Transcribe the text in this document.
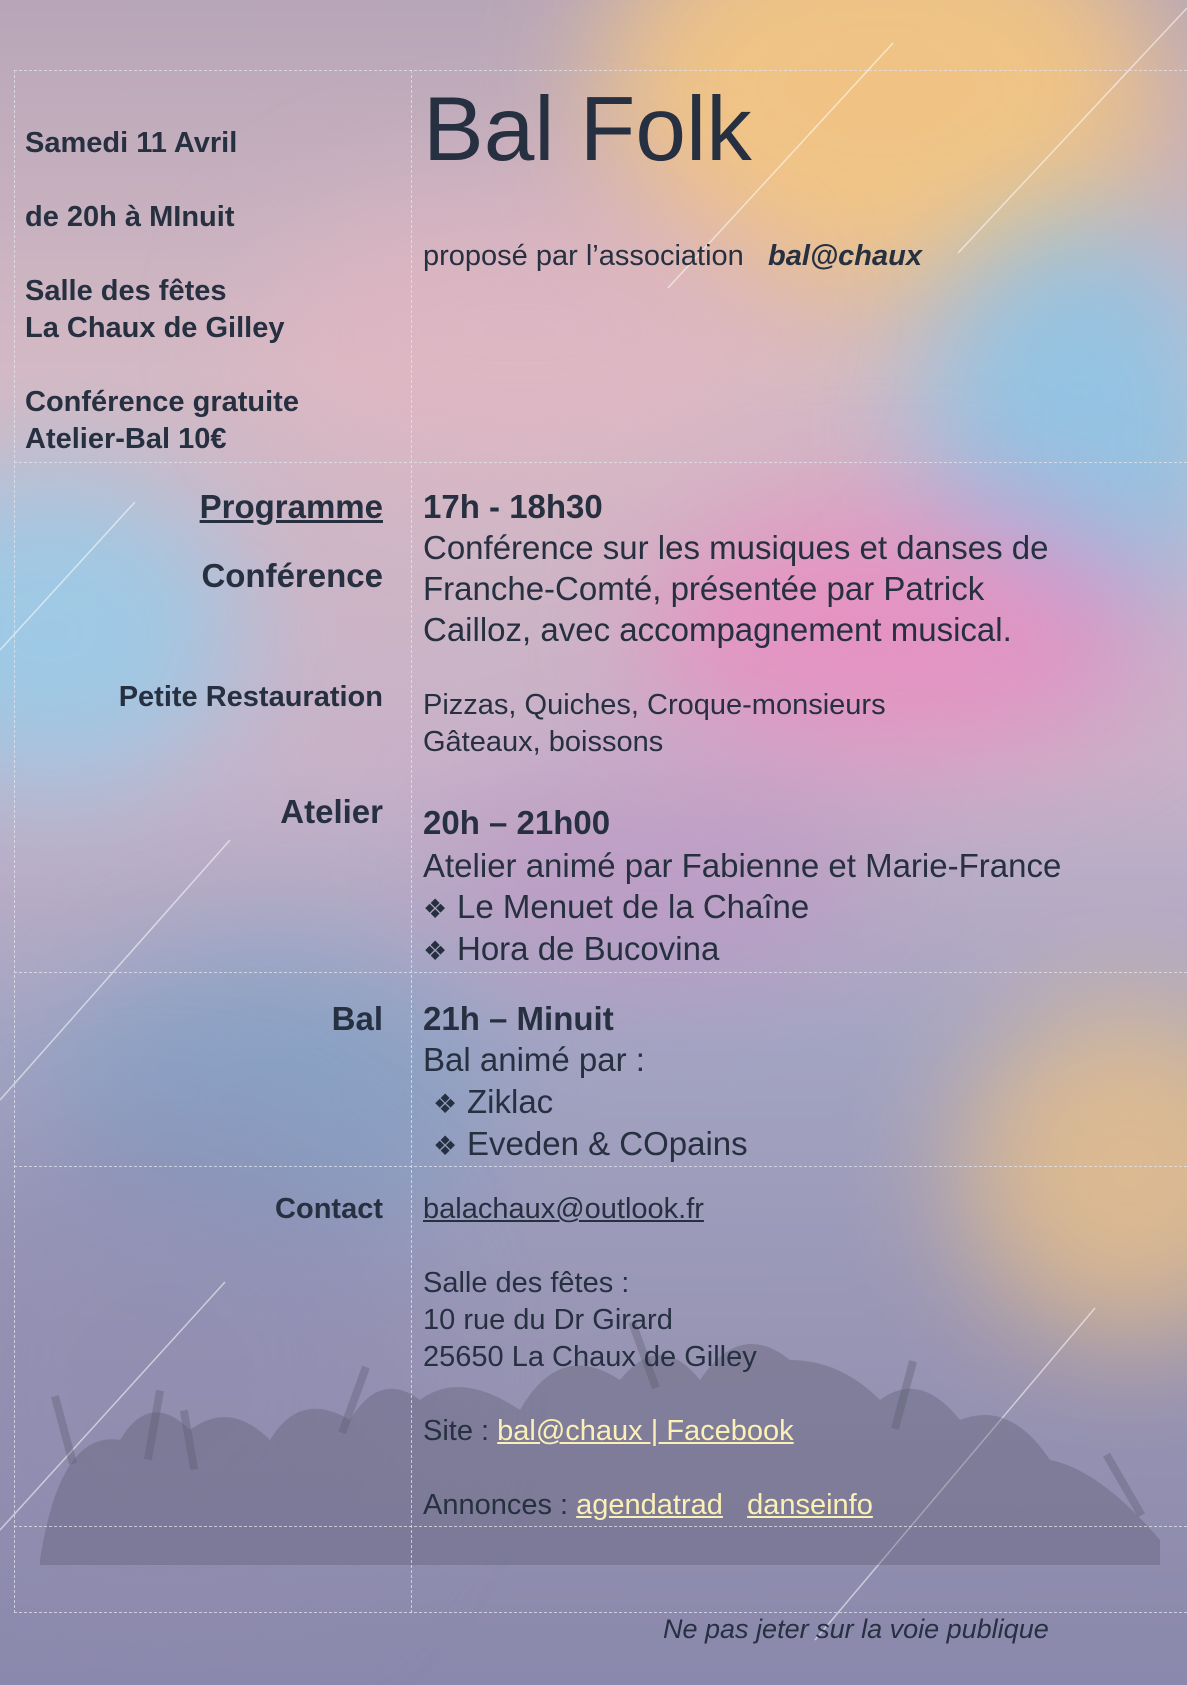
Samedi 11 Avril
de 20h à MInuit
Salle des fêtes
La Chaux de Gilley
Conférence gratuite
Atelier-Bal 10€
Bal Folk
proposé par l’association bal@chaux
Programme
Conférence
Petite Restauration
Atelier
Bal
Contact
17h - 18h30
Conférence sur les musiques et danses de
Franche-Comté, présentée par Patrick
Cailloz, avec accompagnement musical.
Pizzas, Quiches, Croque-monsieurs
Gâteaux, boissons
20h – 21h00
Atelier animé par Fabienne et Marie-France
❖ Le Menuet de la Chaîne
❖ Hora de Bucovina
21h – Minuit
Bal animé par :
❖ Ziklac
❖ Eveden & COpains
balachaux@outlook.fr
Salle des fêtes :
10 rue du Dr Girard
25650 La Chaux de Gilley
Site : bal@chaux | Facebook
Annonces : agendatrad danseinfo
Ne pas jeter sur la voie publique
